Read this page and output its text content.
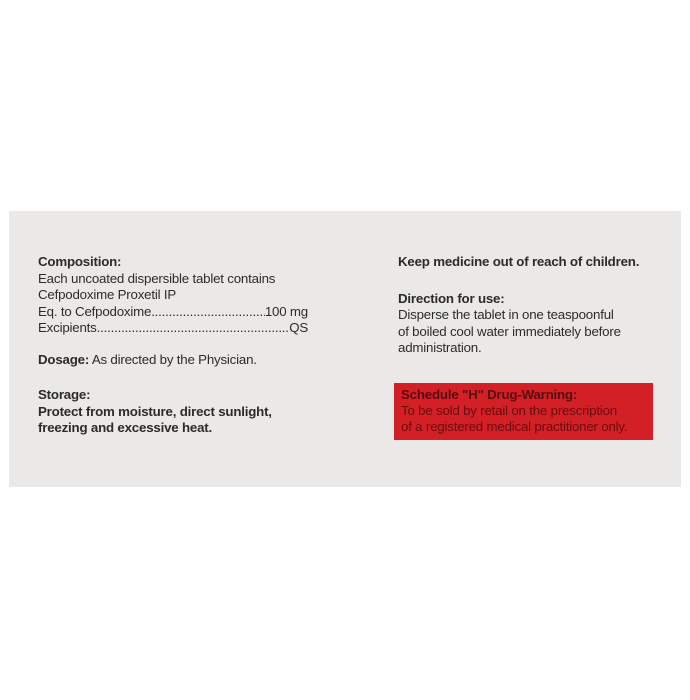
Composition:
Each uncoated dispersible tablet contains
Cefpodoxime Proxetil IP
Eq. to Cefpodoxime .....	100 mg
Excipients .....	QS
Dosage: As directed by the Physician.
Storage:
Protect from moisture, direct sunlight,
freezing and excessive heat.
Keep medicine out of reach of children.
Direction for use:
Disperse the tablet in one teaspoonful
of boiled cool water immediately before
administration.
Schedule "H" Drug-Warning:
To be sold by retail on the prescription
of a registered medical practitioner only.
